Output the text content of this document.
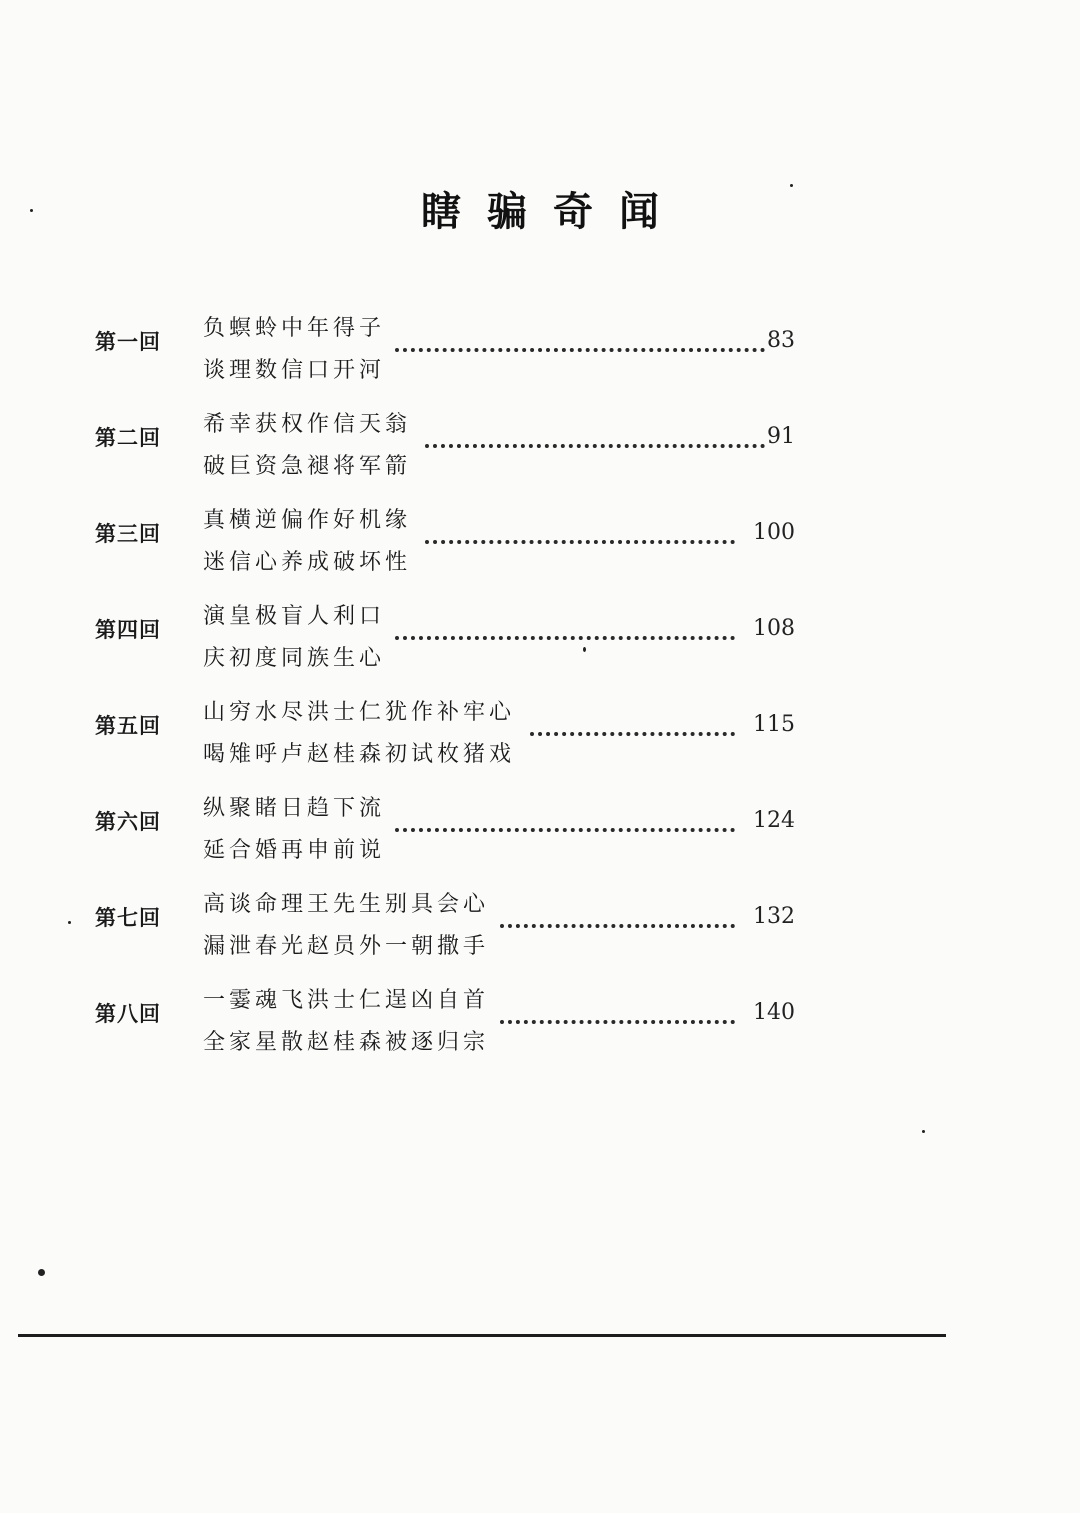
瞎骗奇闻
第一回
负螟蛉中年得子
谈理数信口开河
83
第二回
希幸获权作信天翁
破巨资急褪将军箭
91
第三回
真横逆偏作好机缘
迷信心养成破坏性
100
第四回
演皇极盲人利口
庆初度同族生心
108
第五回
山穷水尽洪士仁犹作补牢心
喝雉呼卢赵桂森初试枚猪戏
115
第六回
纵聚睹日趋下流
延合婚再申前说
124
第七回
高谈命理王先生别具会心
漏泄春光赵员外一朝撒手
132
第八回
一霎魂飞洪士仁逞凶自首
全家星散赵桂森被逐归宗
140
